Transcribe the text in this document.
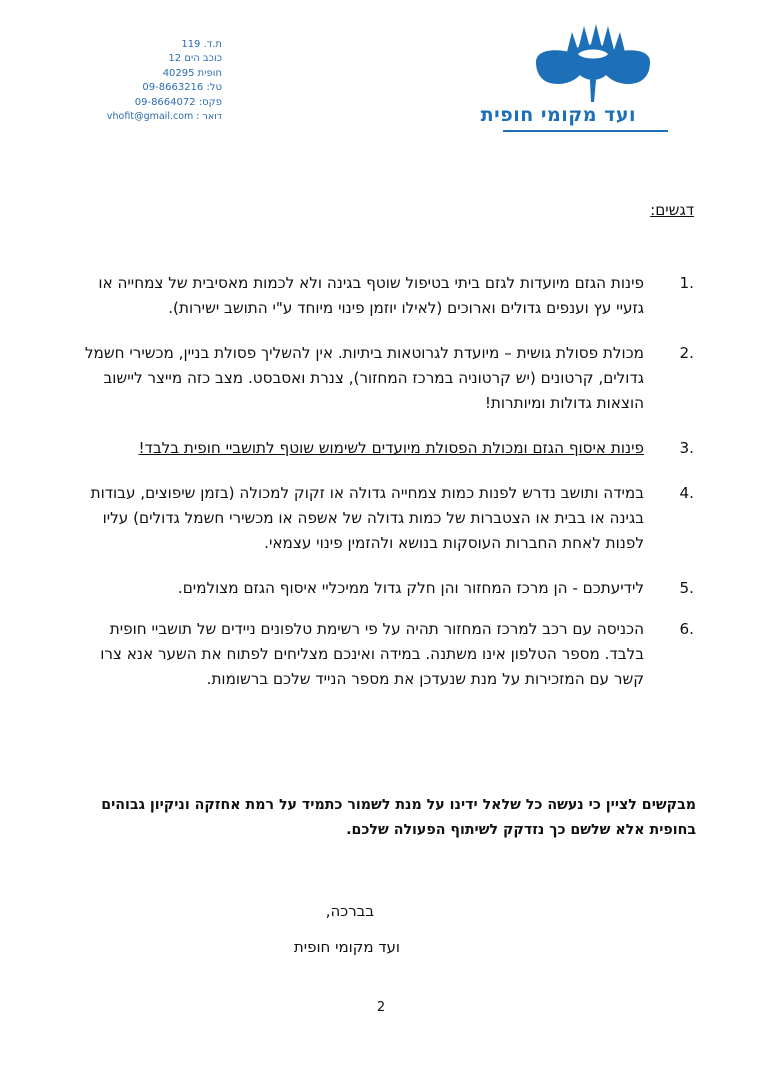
ועד מקומי חופית
ת.ד. 119
כוכב הים 12
חופית 40295
טל: 09-8663216
פקס: 09-8664072
דואר : vhofit@gmail.com
דגשים:
1.
פינות הגזם מיועדות לגזם ביתי בטיפול שוטף בגינה ולא לכמות מאסיבית של צמחייה או גזעיי עץ וענפים גדולים וארוכים (לאילו יוזמן פינוי מיוחד ע"י התושב ישירות).
2.
מכולת פסולת גושית – מיועדת לגרוטאות ביתיות. אין להשליך פסולת בניין, מכשירי חשמל גדולים, קרטונים (יש קרטוניה במרכז המחזור), צנרת ואסבסט. מצב כזה מייצר ליישוב הוצאות גדולות ומיותרות!
3.
פינות איסוף הגזם ומכולת הפסולת מיועדים לשימוש שוטף לתושביי חופית בלבד!
4.
במידה ותושב נדרש לפנות כמות צמחייה גדולה או זקוק למכולה (בזמן שיפוצים, עבודות בגינה או בבית או הצטברות של כמות גדולה של אשפה או מכשירי חשמל גדולים) עליו לפנות לאחת החברות העוסקות בנושא ולהזמין פינוי עצמאי.
5.
לידיעתכם - הן מרכז המחזור והן חלק גדול ממיכליי איסוף הגזם מצולמים.
6.
הכניסה עם רכב למרכז המחזור תהיה על פי רשימת טלפונים ניידים של תושביי חופית בלבד. מספר הטלפון אינו משתנה. במידה ואינכם מצליחים לפתוח את השער אנא צרו קשר עם המזכירות על מנת שנעדכן את מספר הנייד שלכם ברשומות.
מבקשים לציין כי נעשה כל שלאל ידינו על מנת לשמור כתמיד על רמת אחזקה וניקיון גבוהים בחופית אלא שלשם כך נזדקק לשיתוף הפעולה שלכם.
בברכה,
ועד מקומי חופית
2
